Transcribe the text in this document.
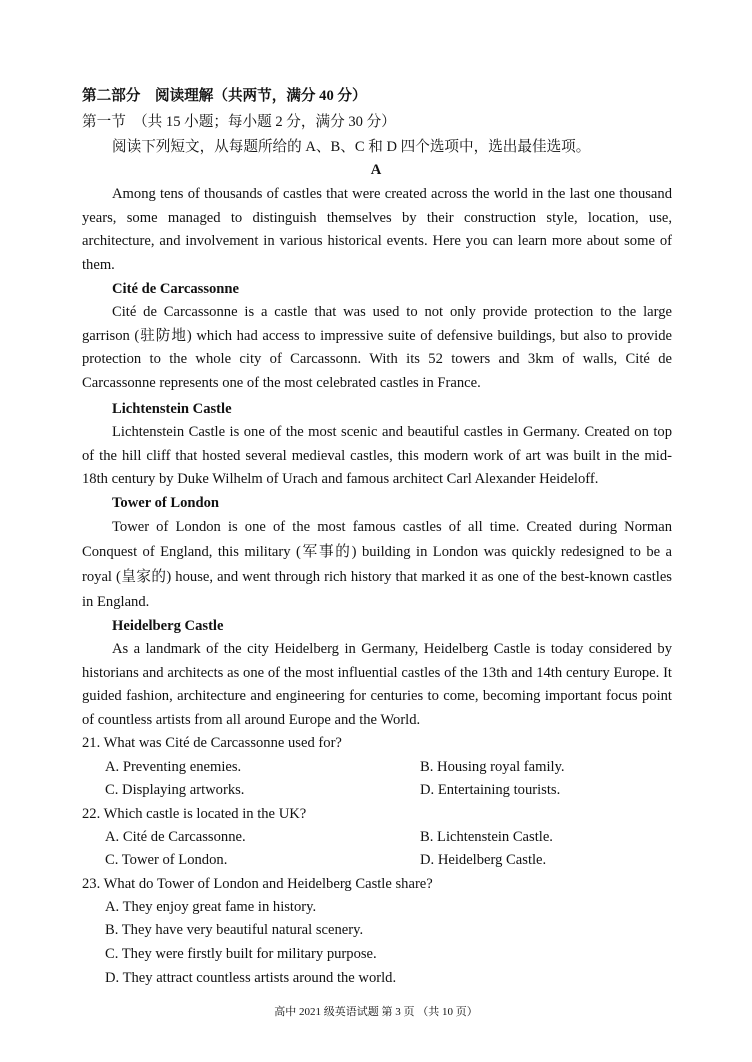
第二部分　阅读理解（共两节，满分 40 分）
第一节　（共 15 小题；每小题 2 分，满分 30 分）
阅读下列短文，从每题所给的 A、B、C 和 D 四个选项中，选出最佳选项。
A
Among tens of thousands of castles that were created across the world in the last one thousand years, some managed to distinguish themselves by their construction style, location, use, architecture, and involvement in various historical events. Here you can learn more about some of them.
Cité de Carcassonne
Cité de Carcassonne is a castle that was used to not only provide protection to the large garrison (驻防地) which had access to impressive suite of defensive buildings, but also to provide protection to the whole city of Carcassonn. With its 52 towers and 3km of walls, Cité de Carcassonne represents one of the most celebrated castles in France.
Lichtenstein Castle
Lichtenstein Castle is one of the most scenic and beautiful castles in Germany. Created on top of the hill cliff that hosted several medieval castles, this modern work of art was built in the mid-18th century by Duke Wilhelm of Urach and famous architect Carl Alexander Heideloff.
Tower of London
Tower of London is one of the most famous castles of all time. Created during Norman Conquest of England, this military (军事的) building in London was quickly redesigned to be a royal (皇家的) house, and went through rich history that marked it as one of the best-known castles in England.
Heidelberg Castle
As a landmark of the city Heidelberg in Germany, Heidelberg Castle is today considered by historians and architects as one of the most influential castles of the 13th and 14th century Europe. It guided fashion, architecture and engineering for centuries to come, becoming important focus point of countless artists from all around Europe and the World.
21. What was Cité de Carcassonne used for?
A. Preventing enemies.	B. Housing royal family.
C. Displaying artworks.	D. Entertaining tourists.
22. Which castle is located in the UK?
A. Cité de Carcassonne.	B. Lichtenstein Castle.
C. Tower of London.	D. Heidelberg Castle.
23. What do Tower of London and Heidelberg Castle share?
A. They enjoy great fame in history.
B. They have very beautiful natural scenery.
C. They were firstly built for military purpose.
D. They attract countless artists around the world.
高中 2021 级英语试题 第 3 页 （共 10 页）
